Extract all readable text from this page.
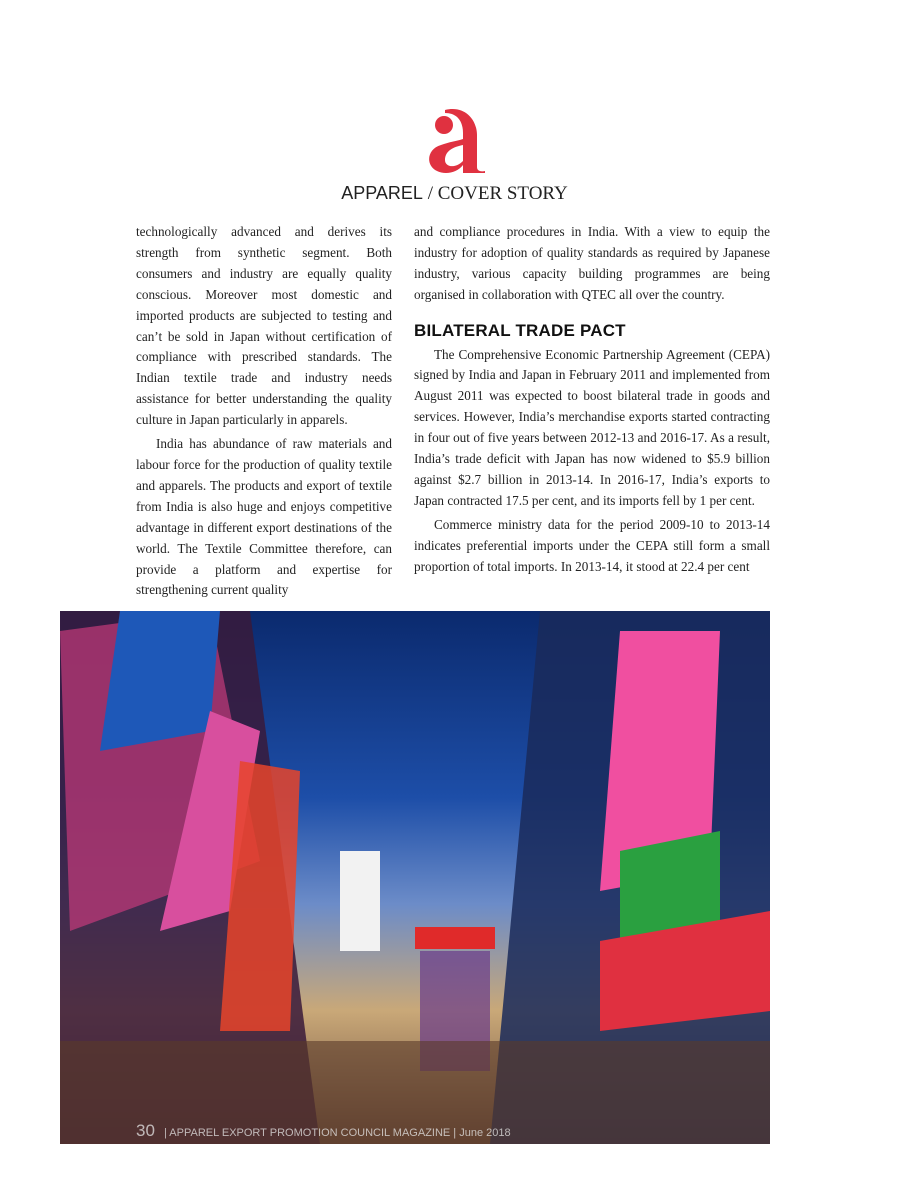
APPAREL / COVER STORY

technologically advanced and derives its strength from synthetic segment. Both consumers and industry are equally quality conscious. Moreover most domestic and imported products are subjected to testing and can’t be sold in Japan without certification of compliance with prescribed standards. The Indian textile trade and industry needs assistance for better understanding the quality culture in Japan particularly in apparels.

India has abundance of raw materials and labour force for the production of quality textile and apparels. The products and export of textile from India is also huge and enjoys competitive advantage in different export destinations of the world. The Textile Committee therefore, can provide a platform and expertise for strengthening current quality

and compliance procedures in India. With a view to equip the industry for adoption of quality standards as required by Japanese industry, various capacity building programmes are being organised in collaboration with QTEC all over the country.

BILATERAL TRADE PACT

The Comprehensive Economic Partnership Agreement (CEPA) signed by India and Japan in February 2011 and implemented from August 2011 was expected to boost bilateral trade in goods and services. However, India’s merchandise exports started contracting in four out of five years between 2012-13 and 2016-17. As a result, India’s trade deficit with Japan has now widened to $5.9 billion against $2.7 billion in 2013-14. In 2016-17, India’s exports to Japan contracted 17.5 per cent, and its imports fell by 1 per cent.

Commerce ministry data for the period 2009-10 to 2013-14 indicates preferential imports under the CEPA still form a small proportion of total imports. In 2013-14, it stood at 22.4 per cent

30 | APPAREL EXPORT PROMOTION COUNCIL MAGAZINE | June 2018
